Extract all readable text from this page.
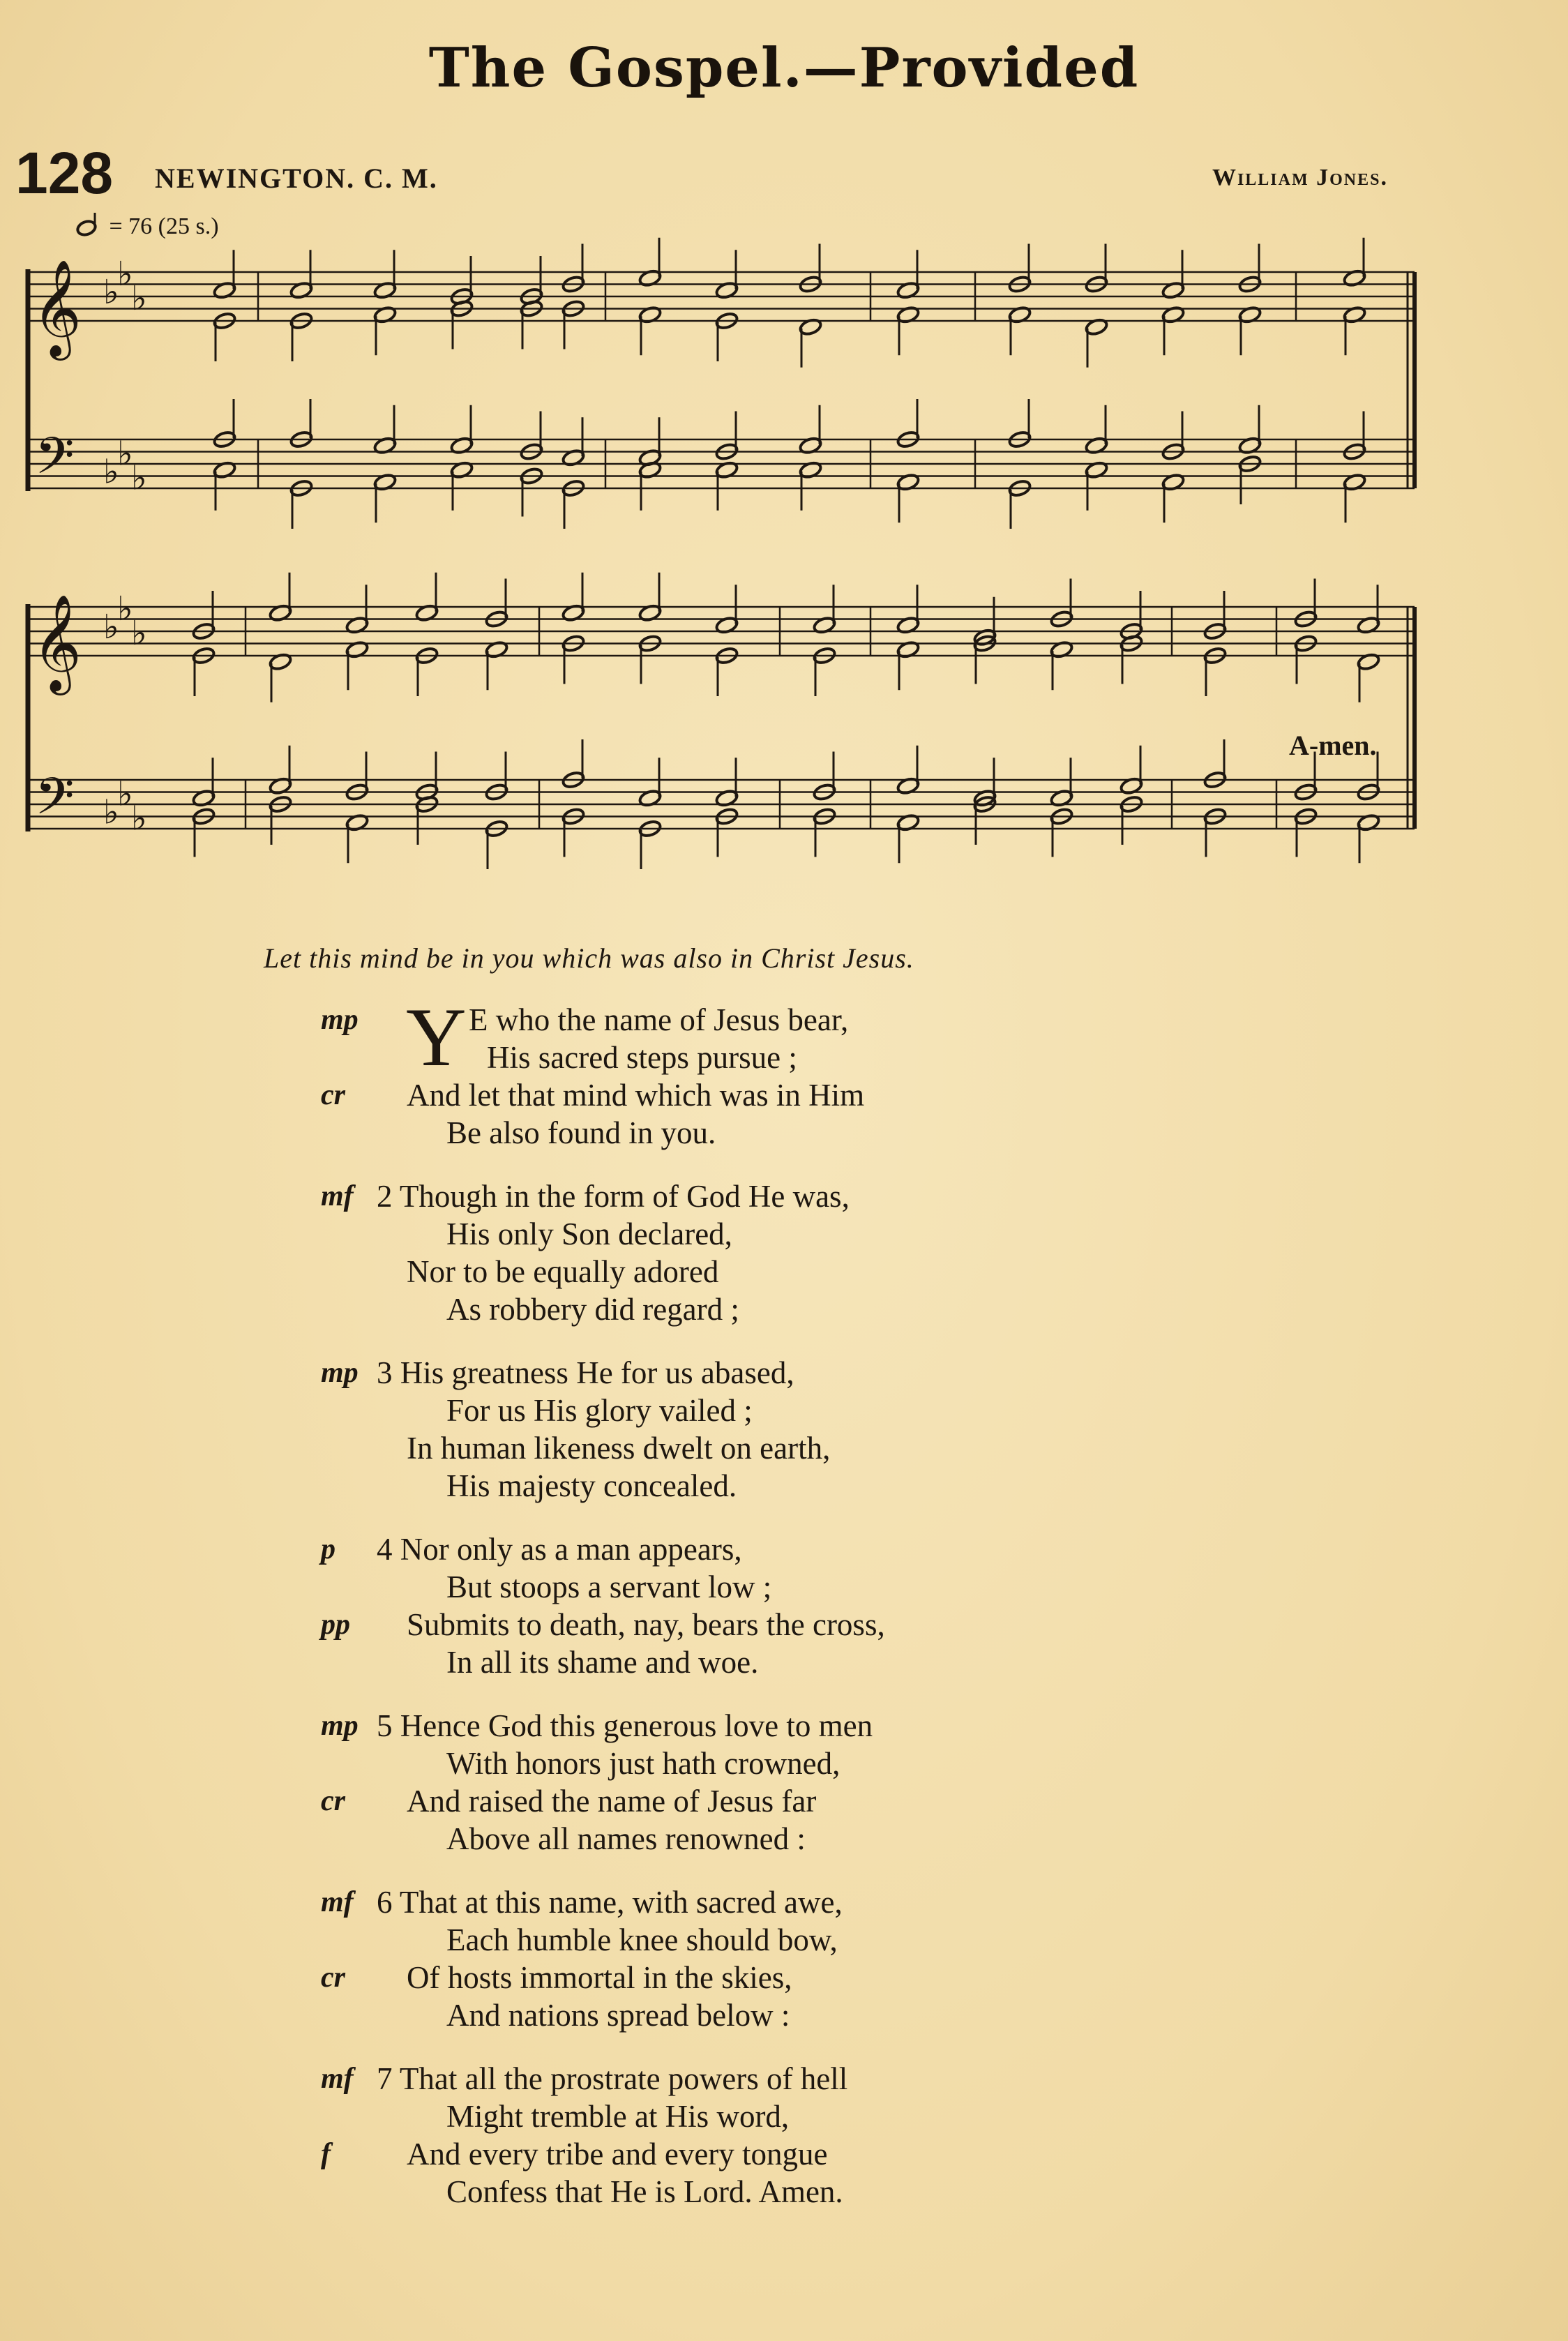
The Gospel.—Provided
128 NEWINGTON. C. M.	William Jones.
= 76 (25 s.)
𝄞
𝄢
♭
♭
♭
♭
♭
♭
𝄞
𝄢
♭
♭
♭
♭
♭
♭
A-men.
Let this mind be in you which was also in Christ Jesus.
mp Y E who the name of Jesus bear,
His sacred steps pursue ;
cr And let that mind which was in Him
Be also found in you.
mf 2 Though in the form of God He was,
His only Son declared,
Nor to be equally adored
As robbery did regard ;
mp 3 His greatness He for us abased,
For us His glory vailed ;
In human likeness dwelt on earth,
His majesty concealed.
p 4 Nor only as a man appears,
But stoops a servant low ;
pp Submits to death, nay, bears the cross,
In all its shame and woe.
mp 5 Hence God this generous love to men
With honors just hath crowned,
cr And raised the name of Jesus far
Above all names renowned :
mf 6 That at this name, with sacred awe,
Each humble knee should bow,
cr Of hosts immortal in the skies,
And nations spread below :
mf 7 That all the prostrate powers of hell
Might tremble at His word,
f And every tribe and every tongue
Confess that He is Lord. Amen.
